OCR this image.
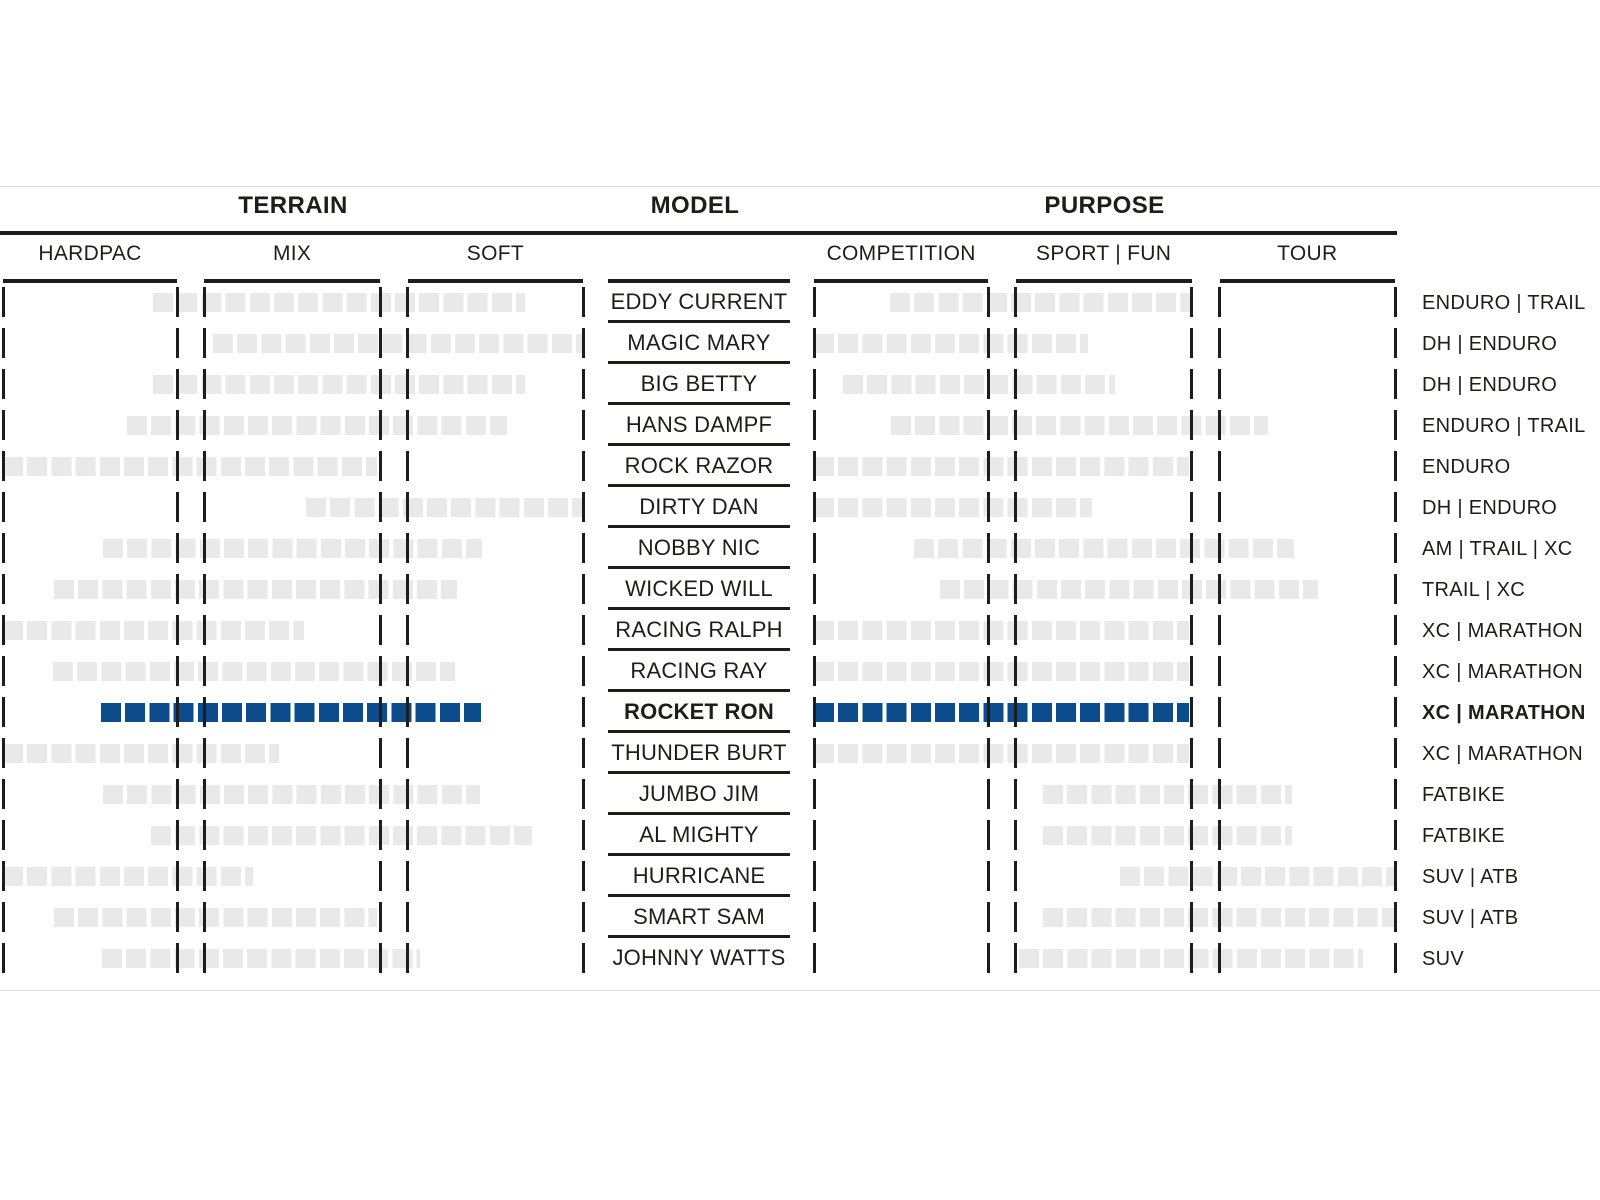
TERRAIN	MODEL	PURPOSE
HARDPAC	MIX	SOFT	COMPETITION	SPORT | FUN	TOUR
EDDY CURRENT	ENDURO | TRAIL
MAGIC MARY	DH | ENDURO
BIG BETTY	DH | ENDURO
HANS DAMPF	ENDURO | TRAIL
ROCK RAZOR	ENDURO
DIRTY DAN	DH | ENDURO
NOBBY NIC	AM | TRAIL | XC
WICKED WILL	TRAIL | XC
RACING RALPH	XC | MARATHON
RACING RAY	XC | MARATHON
ROCKET RON	XC | MARATHON
THUNDER BURT	XC | MARATHON
JUMBO JIM	FATBIKE
AL MIGHTY	FATBIKE
HURRICANE	SUV | ATB
SMART SAM	SUV | ATB
JOHNNY WATTS	SUV
